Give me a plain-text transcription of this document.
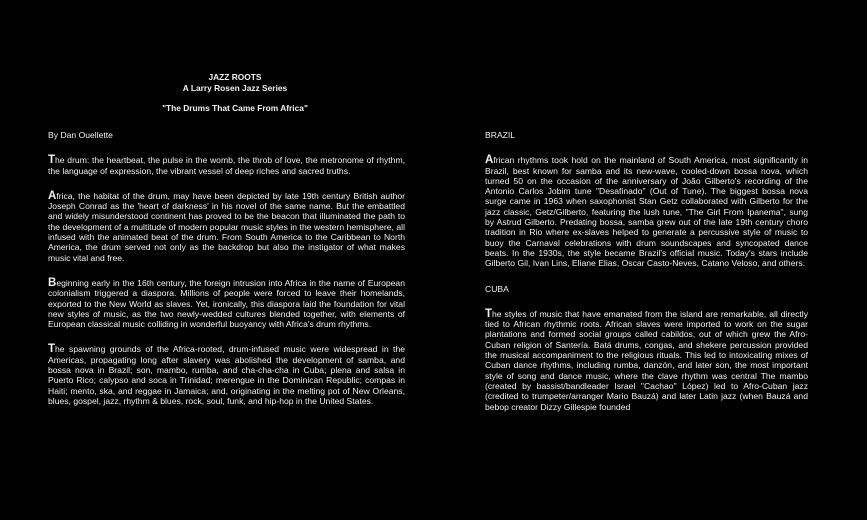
JAZZ ROOTS
A Larry Rosen Jazz Series
"The Drums That Came From Africa"
By Dan Ouellette

The drum: the heartbeat, the pulse in the womb, the throb of love, the metronome of rhythm, the language of expression, the vibrant vessel of deep riches and sacred truths.

Africa, the habitat of the drum, may have been depicted by late 19th century British author Joseph Conrad as the 'heart of darkness' in his novel of the same name. But the embattled and widely misunderstood continent has proved to be the beacon that illuminated the path to the development of a multitude of modern popular music styles in the western hemisphere, all infused with the animated beat of the drum. From South America to the Caribbean to North America, the drum served not only as the backdrop but also the instigator of what makes music vital and free.

Beginning early in the 16th century, the foreign intrusion into Africa in the name of European colonialism triggered a diaspora. Millions of people were forced to leave their homelands, exported to the New World as slaves. Yet, ironically, this diaspora laid the foundation for vital new styles of music, as the two newly-wedded cultures blended together, with elements of European classical music colliding in wonderful buoyancy with Africa's drum rhythms.

The spawning grounds of the Africa-rooted, drum-infused music were widespread in the Americas, propagating long after slavery was abolished the development of samba, and bossa nova in Brazil; son, mambo, rumba, and cha-cha-cha in Cuba; plena and salsa in Puerto Rico; calypso and soca in Trinidad; merengue in the Dominican Republic; compas in Haiti; mento, ska, and reggae in Jamaica; and, originating in the melting pot of New Orleans, blues, gospel, jazz, rhythm & blues, rock, soul, funk, and hip-hop in the United States.

BRAZIL

African rhythms took hold on the mainland of South America, most significantly in Brazil, best known for samba and its new-wave, cooled-down bossa nova, which turned 50 on the occasion of the anniversary of João Gilberto's recording of the Antonio Carlos Jobim tune "Desafinado" (Out of Tune). The biggest bossa nova surge came in 1963 when saxophonist Stan Getz collaborated with Gilberto for the jazz classic, Getz/Gilberto, featuring the lush tune, "The Girl From Ipanema", sung by Astrud Gilberto. Predating bossa, samba grew out of the late 19th century choro tradition in Rio where ex-slaves helped to generate a percussive style of music to buoy the Carnaval celebrations with drum soundscapes and syncopated dance beats. In the 1930s, the style became Brazil's official music. Today's stars include Gilberto Gil, Ivan Lins, Eliane Elias, Oscar Casto-Neves, Catano Veloso, and others.

CUBA

The styles of music that have emanated from the island are remarkable, all directly tied to African rhythmic roots. African slaves were imported to work on the sugar plantations and formed social groups called cabildos, out of which grew the Afro-Cuban religion of Santería. Batá drums, congas, and shekere percussion provided the musical accompaniment to the religious rituals. This led to intoxicating mixes of Cuban dance rhythms, including rumba, danzón, and later son, the most important style of song and dance music, where the clave rhythm was central The mambo (created by bassist/bandleader Israel "Cachao" López) led to Afro-Cuban jazz (credited to trumpeter/arranger Mario Bauzá) and later Latin jazz (when Bauzá and bebop creator Dizzy Gillespie founded
